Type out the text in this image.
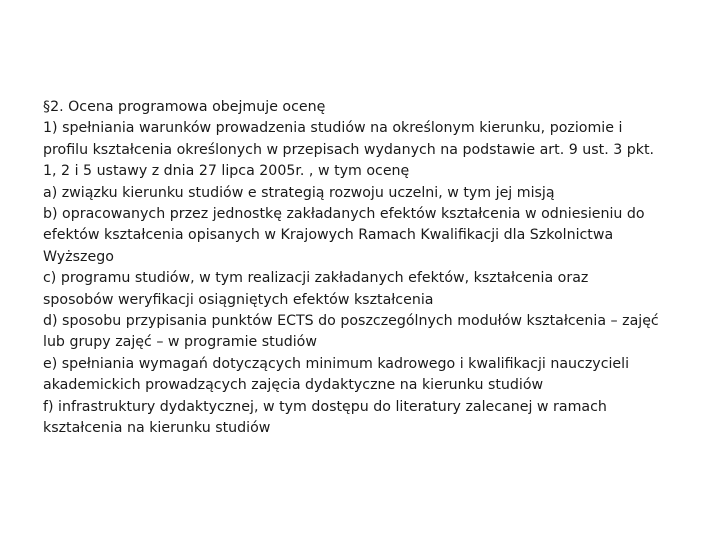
§2. Ocena programowa obejmuje ocenę
1) spełniania warunków prowadzenia studiów na określonym kierunku, poziomie i
profilu kształcenia określonych w przepisach wydanych na podstawie art. 9 ust. 3 pkt.
1, 2 i 5 ustawy z dnia 27 lipca 2005r. , w tym ocenę
a) związku kierunku studiów e strategią rozwoju uczelni, w tym jej misją
b) opracowanych przez jednostkę zakładanych efektów kształcenia w odniesieniu do
efektów kształcenia opisanych w Krajowych Ramach Kwalifikacji dla Szkolnictwa
Wyższego
c) programu studiów, w tym realizacji zakładanych efektów, kształcenia oraz
sposobów weryfikacji osiągniętych efektów kształcenia
d) sposobu przypisania punktów ECTS do poszczególnych modułów kształcenia – zajęć
lub grupy zajęć – w programie studiów
e) spełniania wymagań dotyczących minimum kadrowego i kwalifikacji nauczycieli
akademickich prowadzących zajęcia dydaktyczne na kierunku studiów
f) infrastruktury dydaktycznej, w tym dostępu do literatury zalecanej w ramach
kształcenia na kierunku studiów
